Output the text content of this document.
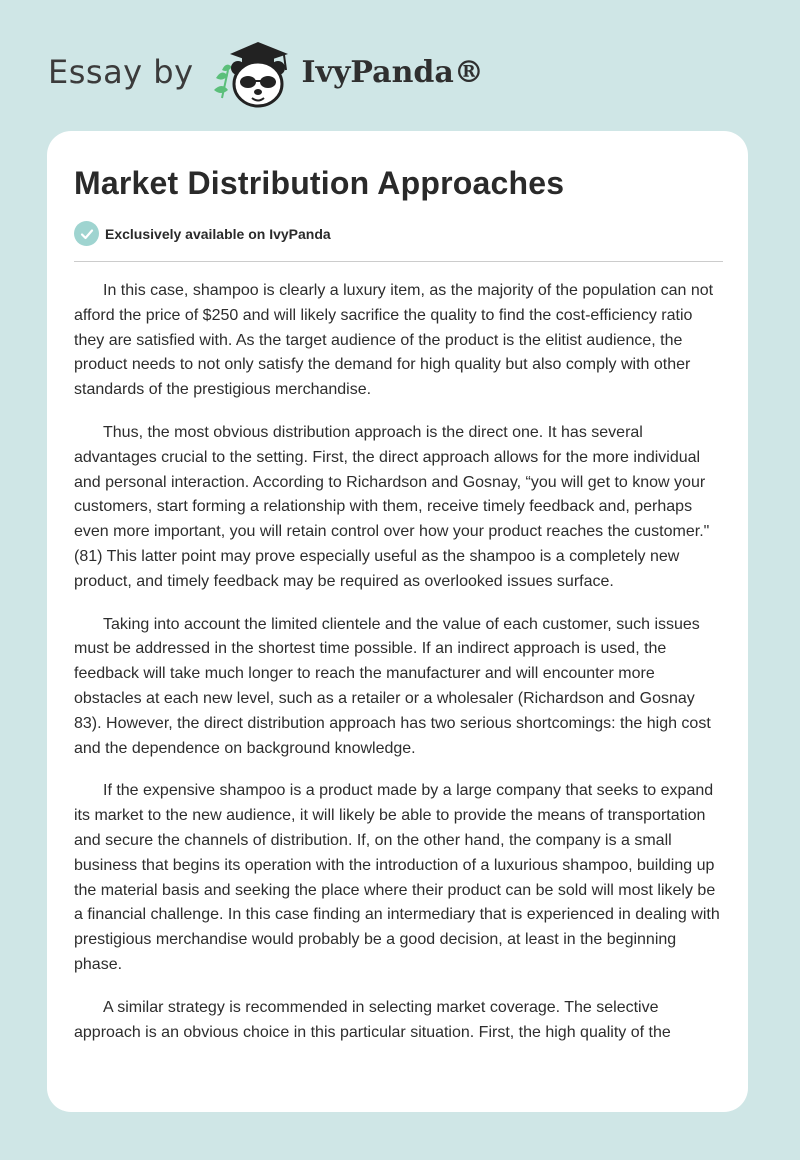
Essay by	IvyPanda®
Market Distribution Approaches
Exclusively available on IvyPanda

In this case, shampoo is clearly a luxury item, as the majority of the population can not afford the price of $250 and will likely sacrifice the quality to find the cost-efficiency ratio they are satisfied with. As the target audience of the product is the elitist audience, the product needs to not only satisfy the demand for high quality but also comply with other standards of the prestigious merchandise.

Thus, the most obvious distribution approach is the direct one. It has several advantages crucial to the setting. First, the direct approach allows for the more individual and personal interaction. According to Richardson and Gosnay, “you will get to know your customers, start forming a relationship with them, receive timely feedback and, perhaps even more important, you will retain control over how your product reaches the customer." (81) This latter point may prove especially useful as the shampoo is a completely new product, and timely feedback may be required as overlooked issues surface.

Taking into account the limited clientele and the value of each customer, such issues must be addressed in the shortest time possible. If an indirect approach is used, the feedback will take much longer to reach the manufacturer and will encounter more obstacles at each new level, such as a retailer or a wholesaler (Richardson and Gosnay 83). However, the direct distribution approach has two serious shortcomings: the high cost and the dependence on background knowledge.

If the expensive shampoo is a product made by a large company that seeks to expand its market to the new audience, it will likely be able to provide the means of transportation and secure the channels of distribution. If, on the other hand, the company is a small business that begins its operation with the introduction of a luxurious shampoo, building up the material basis and seeking the place where their product can be sold will most likely be a financial challenge. In this case finding an intermediary that is experienced in dealing with prestigious merchandise would probably be a good decision, at least in the beginning phase.

A similar strategy is recommended in selecting market coverage. The selective approach is an obvious choice in this particular situation. First, the high quality of the
